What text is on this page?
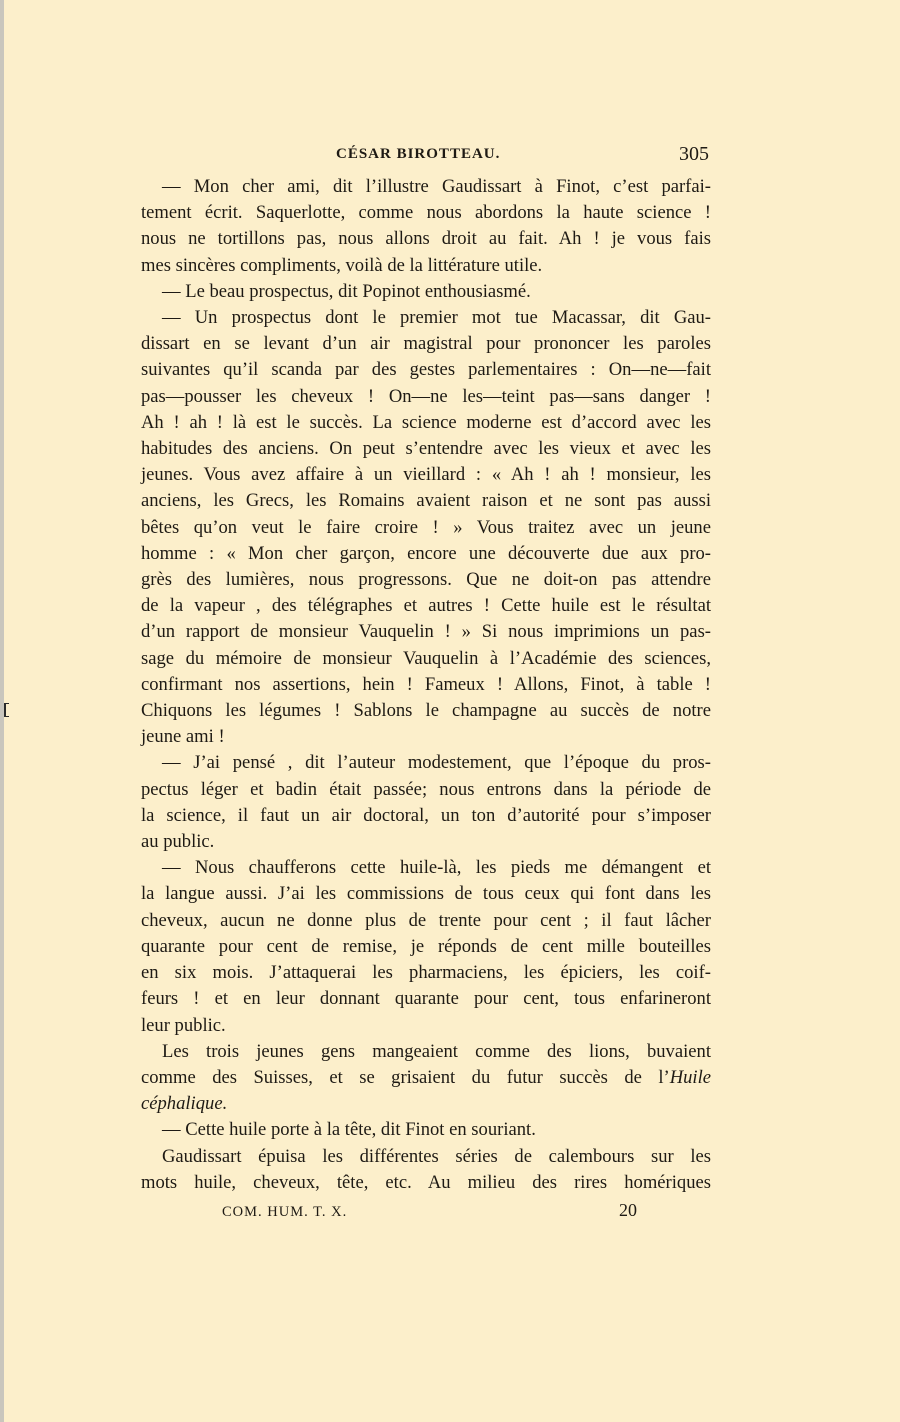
CÉSAR BIROTTEAU.	305
— Mon cher ami, dit l’illustre Gaudissart à Finot, c’est parfai-
tement écrit. Saquerlotte, comme nous abordons la haute science !
nous ne tortillons pas, nous allons droit au fait. Ah ! je vous fais
mes sincères compliments, voilà de la littérature utile.
— Le beau prospectus, dit Popinot enthousiasmé.
— Un prospectus dont le premier mot tue Macassar, dit Gau-
dissart en se levant d’un air magistral pour prononcer les paroles
suivantes qu’il scanda par des gestes parlementaires : On—ne—fait
pas—pousser les cheveux ! On—ne les—teint pas—sans danger !
Ah ! ah ! là est le succès. La science moderne est d’accord avec les
habitudes des anciens. On peut s’entendre avec les vieux et avec les
jeunes. Vous avez affaire à un vieillard : « Ah ! ah ! monsieur, les
anciens, les Grecs, les Romains avaient raison et ne sont pas aussi
bêtes qu’on veut le faire croire ! » Vous traitez avec un jeune
homme : « Mon cher garçon, encore une découverte due aux pro-
grès des lumières, nous progressons. Que ne doit-on pas attendre
de la vapeur , des télégraphes et autres ! Cette huile est le résultat
d’un rapport de monsieur Vauquelin ! » Si nous imprimions un pas-
sage du mémoire de monsieur Vauquelin à l’Académie des sciences,
confirmant nos assertions, hein ! Fameux ! Allons, Finot, à table !
Chiquons les légumes ! Sablons le champagne au succès de notre
jeune ami !
— J’ai pensé , dit l’auteur modestement, que l’époque du pros-
pectus léger et badin était passée; nous entrons dans la période de
la science, il faut un air doctoral, un ton d’autorité pour s’imposer
au public.
— Nous chaufferons cette huile-là, les pieds me démangent et
la langue aussi. J’ai les commissions de tous ceux qui font dans les
cheveux, aucun ne donne plus de trente pour cent ; il faut lâcher
quarante pour cent de remise, je réponds de cent mille bouteilles
en six mois. J’attaquerai les pharmaciens, les épiciers, les coif-
feurs ! et en leur donnant quarante pour cent, tous enfarineront
leur public.
Les trois jeunes gens mangeaient comme des lions, buvaient
comme des Suisses, et se grisaient du futur succès de l’Huile
céphalique.
— Cette huile porte à la tête, dit Finot en souriant.
Gaudissart épuisa les différentes séries de calembours sur les
mots huile, cheveux, tête, etc. Au milieu des rires homériques
COM. HUM. T. X.	20
